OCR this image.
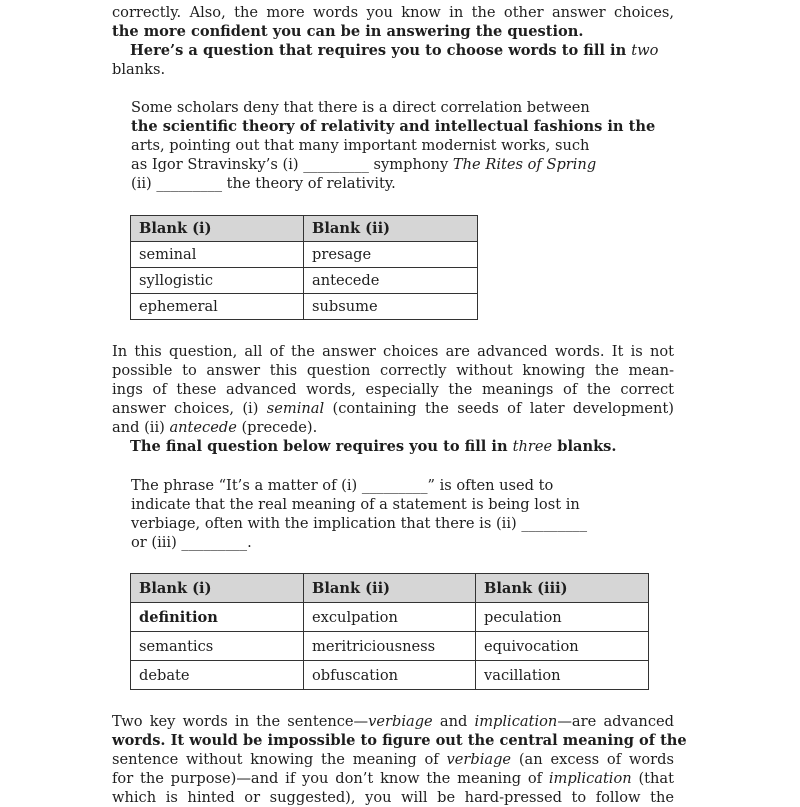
correctly. Also, the more words you know in the other answer choices,
the more confident you can be in answering the question.
Here’s a question that requires you to choose words to fill in two
blanks.
Some scholars deny that there is a direct correlation between
the scientific theory of relativity and intellectual fashions in the
arts, pointing out that many important modernist works, such
as Igor Stravinsky’s (i) _________ symphony The Rites of Spring
(ii) _________ the theory of relativity.
Blank (i)	Blank (ii)
seminal	presage
syllogistic	antecede
ephemeral	subsume
In this question, all of the answer choices are advanced words. It is not
possible to answer this question correctly without knowing the mean-
ings of these advanced words, especially the meanings of the correct
answer choices, (i) seminal (containing the seeds of later development)
and (ii) antecede (precede).
The final question below requires you to fill in three blanks.
The phrase “It’s a matter of (i) _________” is often used to
indicate that the real meaning of a statement is being lost in
verbiage, often with the implication that there is (ii) _________
or (iii) _________.
Blank (i)	Blank (ii)	Blank (iii)
definition	exculpation	peculation
semantics	meritriciousness	equivocation
debate	obfuscation	vacillation
Two key words in the sentence—verbiage and implication—are advanced
words. It would be impossible to figure out the central meaning of the
sentence without knowing the meaning of verbiage (an excess of words
for the purpose)—and if you don’t know the meaning of implication (that
which is hinted or suggested), you will be hard-pressed to follow the
